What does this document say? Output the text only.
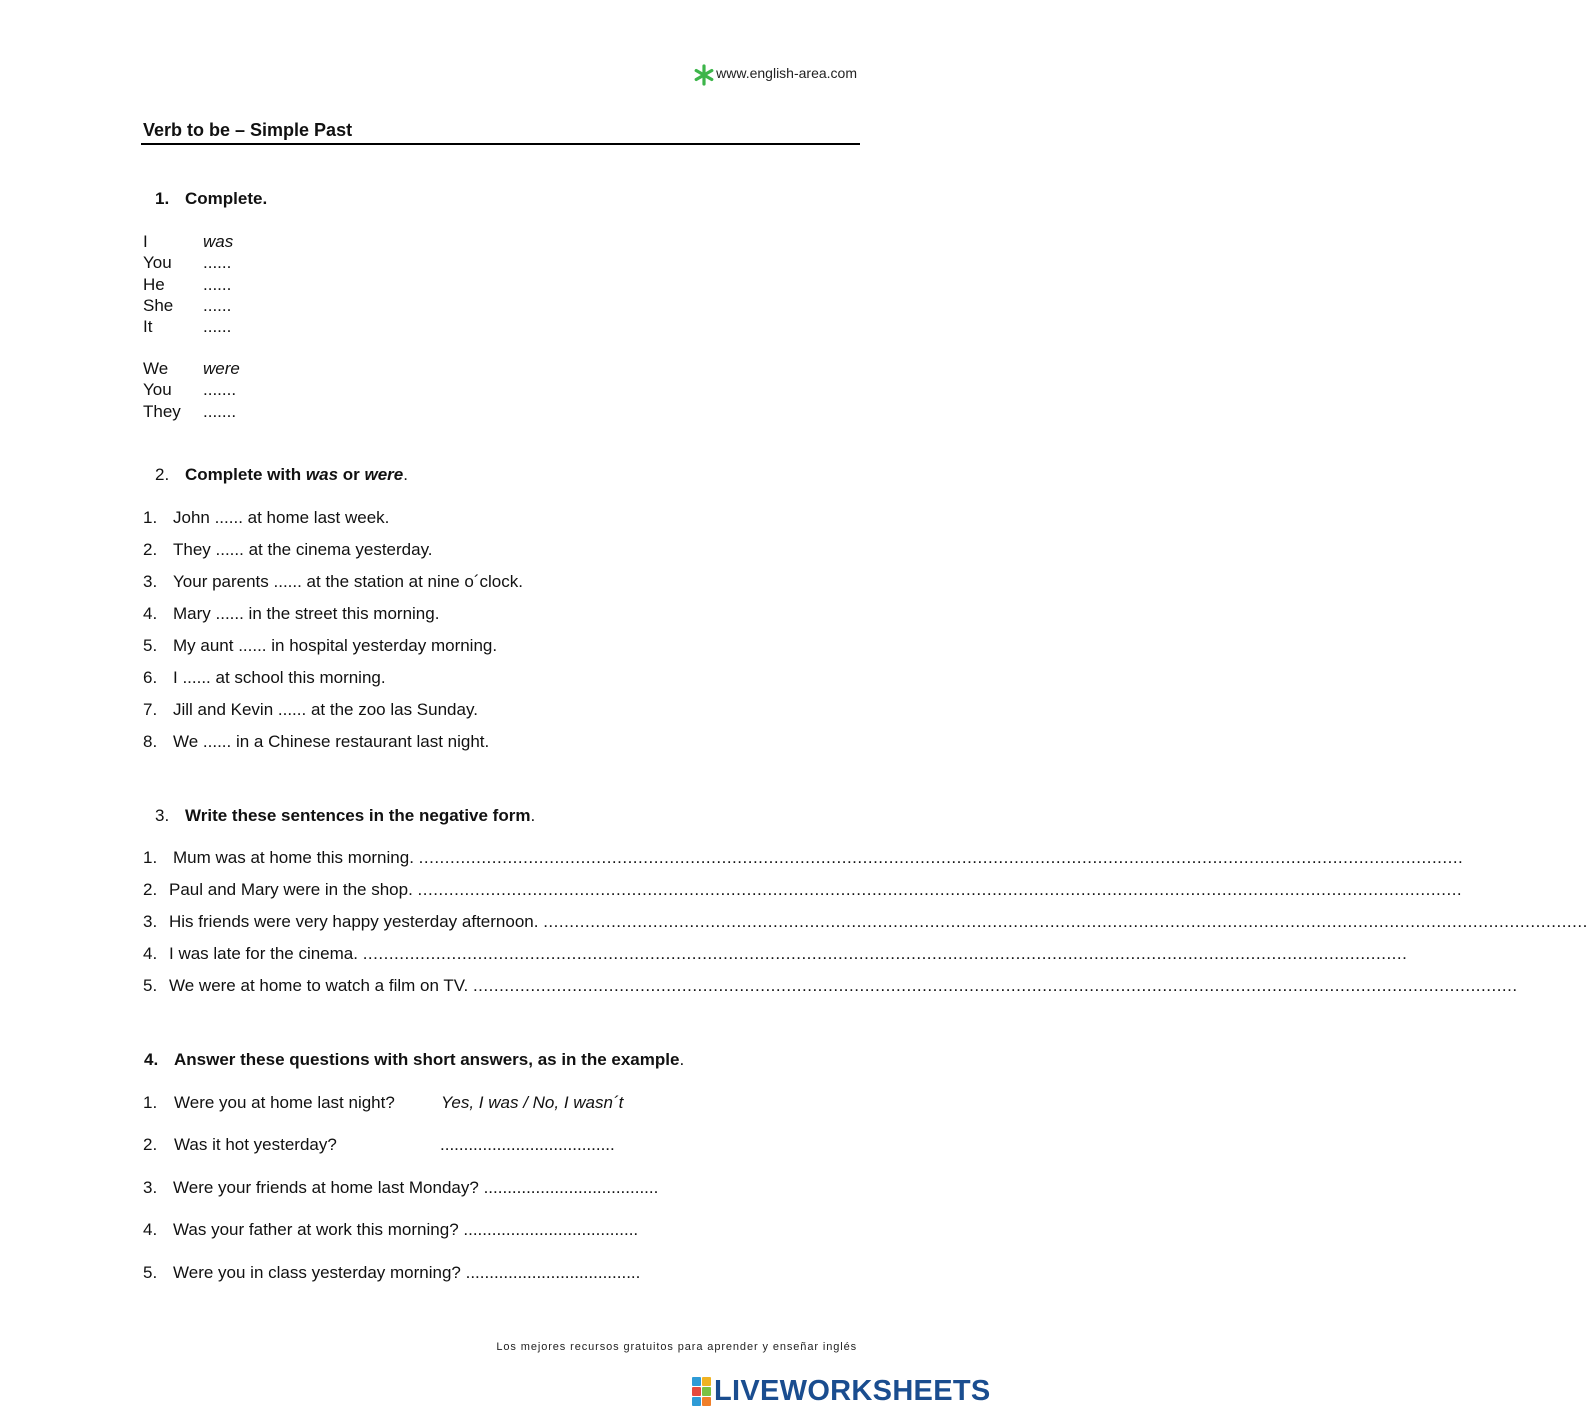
www.english-area.com
Verb to be – Simple Past
1. Complete.
I	was
You	......
He	......
She	......
It	......
We	were
You	.......
They	.......
2. Complete with was or were.
1. John ...... at home last week.
2. They ...... at the cinema yesterday.
3. Your parents ...... at the station at nine o´clock.
4. Mary ...... in the street this morning.
5. My aunt ...... in hospital yesterday morning.
6. I ...... at school this morning.
7. Jill and Kevin ...... at the zoo las Sunday.
8. We ...... in a Chinese restaurant last night.
3. Write these sentences in the negative form.
1. Mum was at home this morning. ........................................................................................................................................................................................................
2. Paul and Mary were in the shop. ........................................................................................................................................................................................................
3. His friends were very happy yesterday afternoon. ........................................................................................................................................................................................................
4. I was late for the cinema. ........................................................................................................................................................................................................
5. We were at home to watch a film on TV. ........................................................................................................................................................................................................
4. Answer these questions with short answers, as in the example.
1. Were you at home last night?	Yes, I was / No, I wasn´t
2. Was it hot yesterday?	.....................................
3. Were your friends at home last Monday? .....................................
4. Was your father at work this morning? .....................................
5. Were you in class yesterday morning? .....................................
Los mejores recursos gratuitos para aprender y enseñar inglés
LIVEWORKSHEETS
